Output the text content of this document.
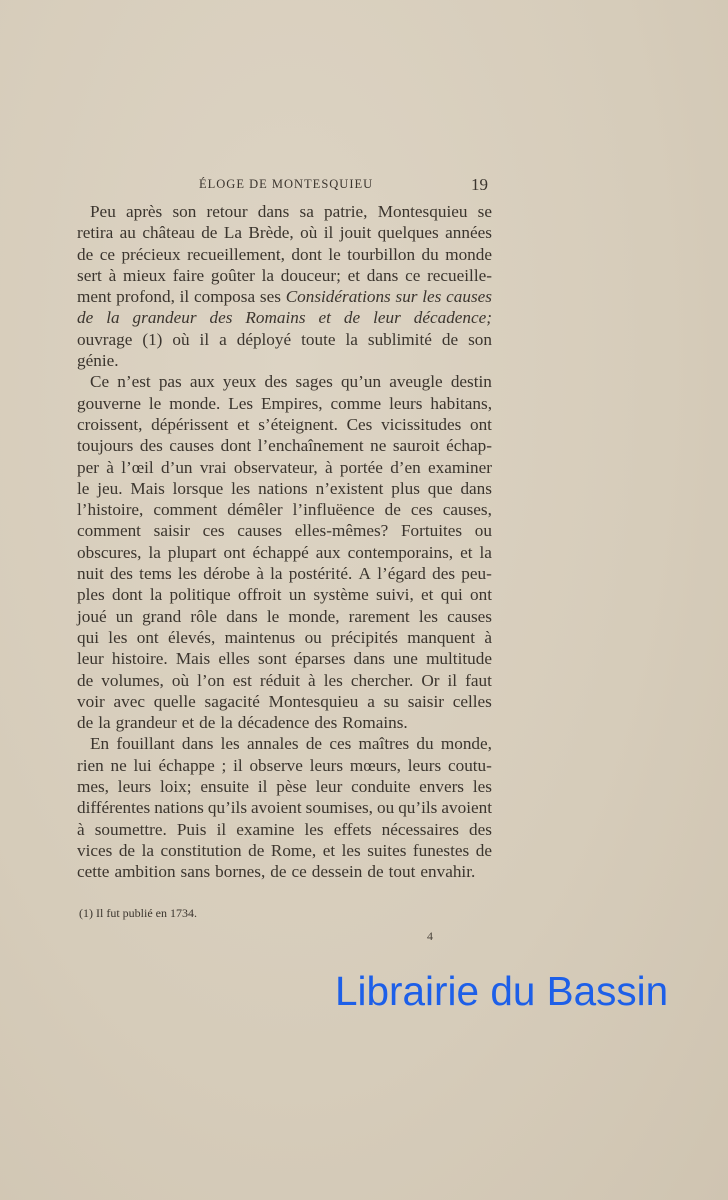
ÉLOGE DE MONTESQUIEU	19
Peu après son retour dans sa patrie, Montesquieu se
retira au château de La Brède, où il jouit quelques années
de ce précieux recueillement, dont le tourbillon du monde
sert à mieux faire goûter la douceur; et dans ce recueille-
ment profond, il composa ses Considérations sur les causes
de la grandeur des Romains et de leur décadence;
ouvrage (1) où il a déployé toute la sublimité de son
génie.
Ce n’est pas aux yeux des sages qu’un aveugle destin
gouverne le monde. Les Empires, comme leurs habitans,
croissent, dépérissent et s’éteignent. Ces vicissitudes ont
toujours des causes dont l’enchaînement ne sauroit échap-
per à l’œil d’un vrai observateur, à portée d’en examiner
le jeu. Mais lorsque les nations n’existent plus que dans
l’histoire, comment démêler l’influëence de ces causes,
comment saisir ces causes elles-mêmes? Fortuites ou
obscures, la plupart ont échappé aux contemporains, et la
nuit des tems les dérobe à la postérité. A l’égard des peu-
ples dont la politique offroit un système suivi, et qui ont
joué un grand rôle dans le monde, rarement les causes
qui les ont élevés, maintenus ou précipités manquent à
leur histoire. Mais elles sont éparses dans une multitude
de volumes, où l’on est réduit à les chercher. Or il faut
voir avec quelle sagacité Montesquieu a su saisir celles
de la grandeur et de la décadence des Romains.
En fouillant dans les annales de ces maîtres du monde,
rien ne lui échappe ; il observe leurs mœurs, leurs coutu-
mes, leurs loix; ensuite il pèse leur conduite envers les
différentes nations qu’ils avoient soumises, ou qu’ils avoient
à soumettre. Puis il examine les effets nécessaires des
vices de la constitution de Rome, et les suites funestes de
cette ambition sans bornes, de ce dessein de tout envahir.
(1) Il fut publié en 1734.
4
Librairie du Bassin
